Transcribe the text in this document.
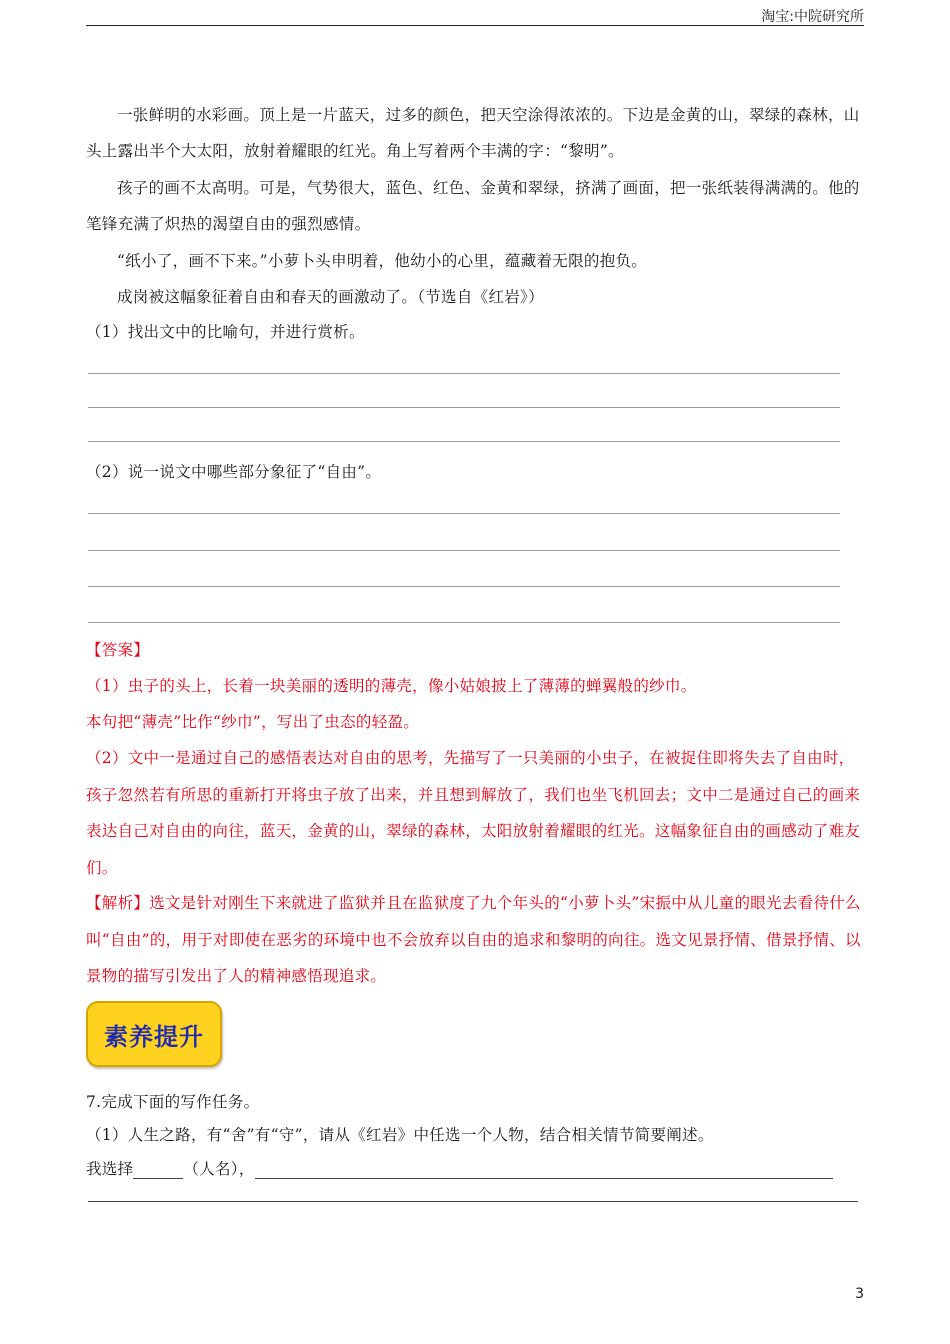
淘宝:中院研究所

一张鲜明的水彩画。顶上是一片蓝天，过多的颜色，把天空涂得浓浓的。下边是金黄的山，翠绿的森林，山头上露出半个大太阳，放射着耀眼的红光。角上写着两个丰满的字：“黎明”。

孩子的画不太高明。可是，气势很大，蓝色、红色、金黄和翠绿，挤满了画面，把一张纸装得满满的。他的笔锋充满了炽热的渴望自由的强烈感情。

“纸小了，画不下来。”小萝卜头申明着，他幼小的心里，蕴藏着无限的抱负。

成岗被这幅象征着自由和春天的画激动了。（节选自《红岩》）

（1）找出文中的比喻句，并进行赏析。

（2）说一说文中哪些部分象征了“自由”。

【答案】

（1）虫子的头上，长着一块美丽的透明的薄壳，像小姑娘披上了薄薄的蝉翼般的纱巾。

本句把“薄壳”比作“纱巾”，写出了虫态的轻盈。

（2）文中一是通过自己的感悟表达对自由的思考，先描写了一只美丽的小虫子，在被捉住即将失去了自由时，孩子忽然若有所思的重新打开将虫子放了出来，并且想到解放了，我们也坐飞机回去；文中二是通过自己的画来表达自己对自由的向往，蓝天，金黄的山，翠绿的森林，太阳放射着耀眼的红光。这幅象征自由的画感动了难友们。

【解析】选文是针对刚生下来就进了监狱并且在监狱度了九个年头的“小萝卜头”宋振中从儿童的眼光去看待什么叫“自由”的，用于对即使在恶劣的环境中也不会放弃以自由的追求和黎明的向往。选文见景抒情、借景抒情、以景物的描写引发出了人的精神感悟现追求。

素养提升

7.完成下面的写作任务。

（1）人生之路，有“舍”有“守”，请从《红岩》中任选一个人物，结合相关情节简要阐述。

我选择	（人名），

3
